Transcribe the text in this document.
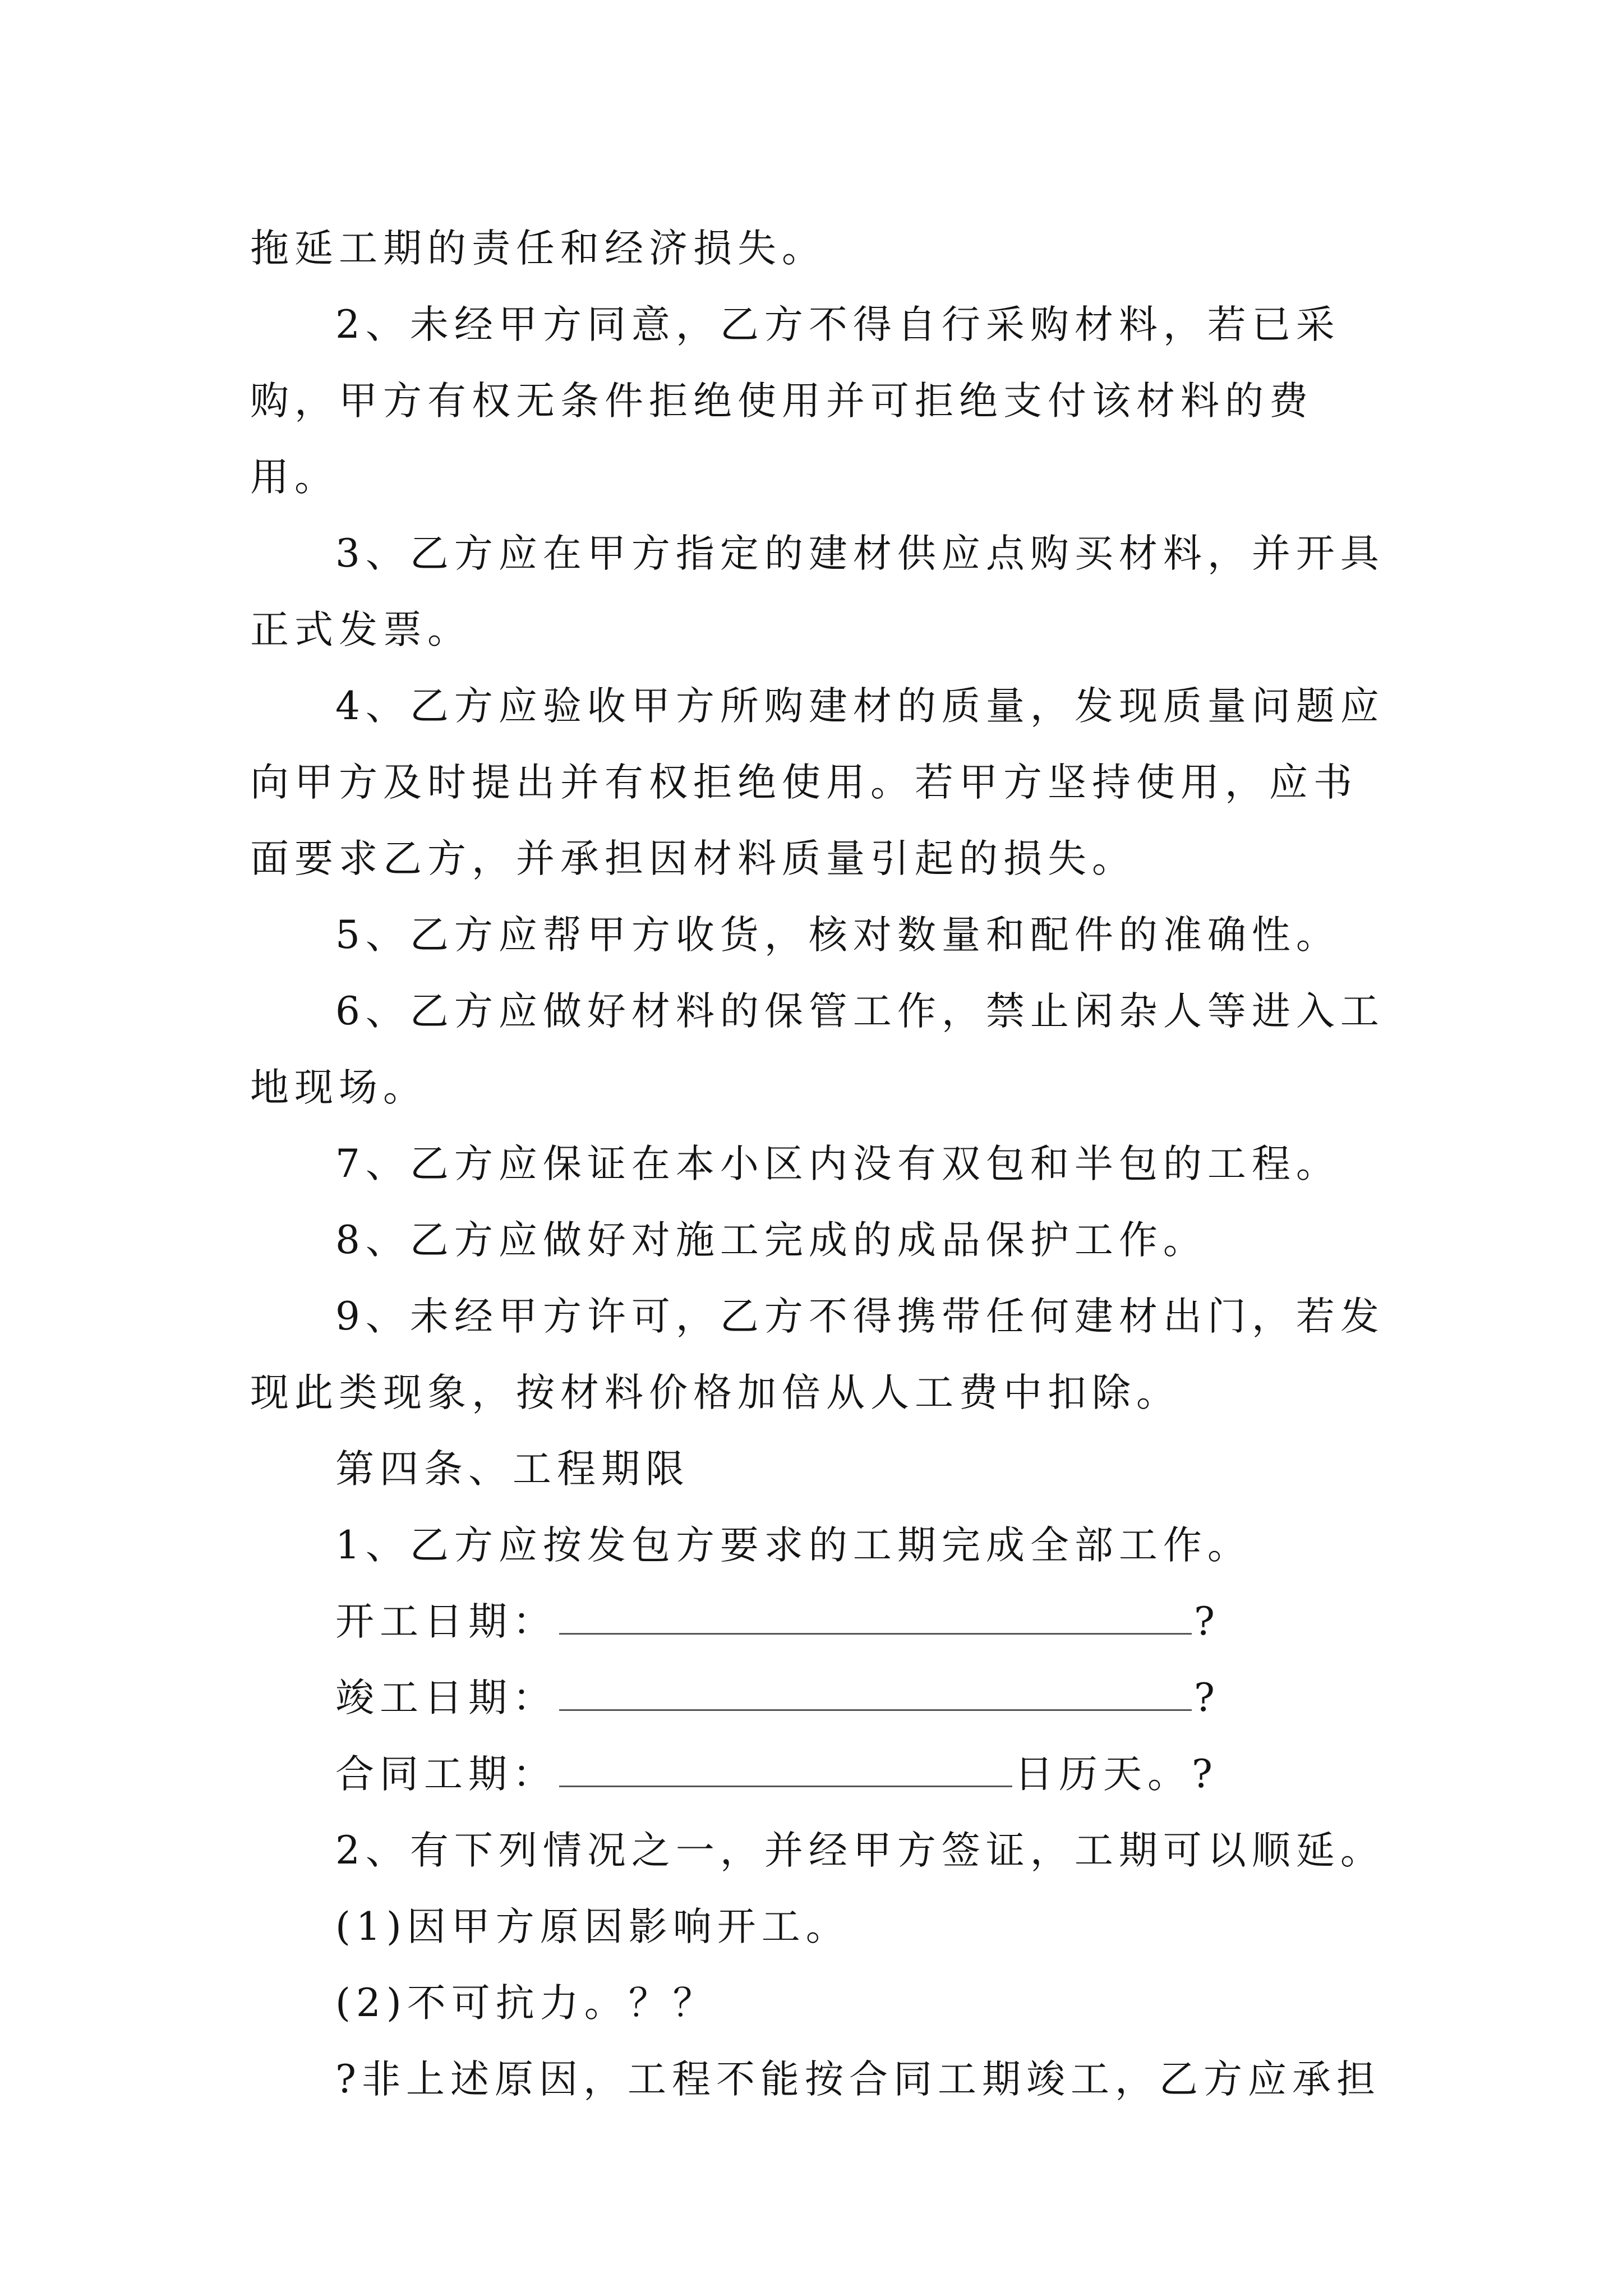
拖延工期的责任和经济损失。

2、未经甲方同意，乙方不得自行采购材料，若已采购，甲方有权无条件拒绝使用并可拒绝支付该材料的费用。

3、乙方应在甲方指定的建材供应点购买材料，并开具正式发票。

4、乙方应验收甲方所购建材的质量，发现质量问题应向甲方及时提出并有权拒绝使用。若甲方坚持使用，应书面要求乙方，并承担因材料质量引起的损失。

5、乙方应帮甲方收货，核对数量和配件的准确性。

6、乙方应做好材料的保管工作，禁止闲杂人等进入工地现场。

7、乙方应保证在本小区内没有双包和半包的工程。

8、乙方应做好对施工完成的成品保护工作。

9、未经甲方许可，乙方不得携带任何建材出门，若发现此类现象，按材料价格加倍从人工费中扣除。

第四条、工程期限

1、乙方应按发包方要求的工期完成全部工作。

开工日期：	?
竣工日期：	?
合同工期：	日历天。?

2、有下列情况之一，并经甲方签证，工期可以顺延。

(1)因甲方原因影响开工。

(2)不可抗力。？？

?非上述原因，工程不能按合同工期竣工，乙方应承担
